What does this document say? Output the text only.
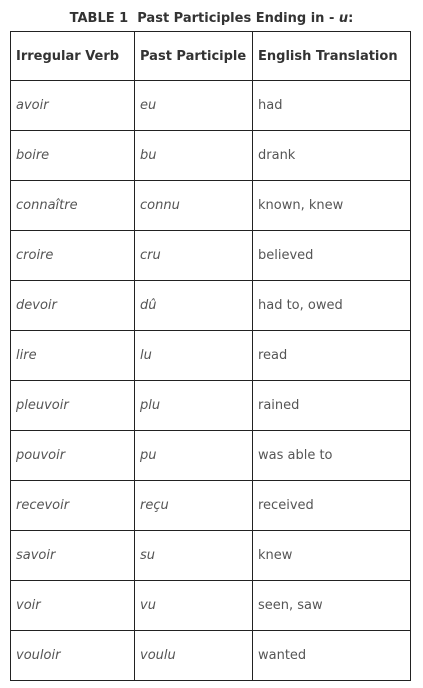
TABLE 1  Past Participles Ending in - u:
Irregular Verb	Past Participle	English Translation
avoir	eu	had
boire	bu	drank
connaître	connu	known, knew
croire	cru	believed
devoir	dû	had to, owed
lire	lu	read
pleuvoir	plu	rained
pouvoir	pu	was able to
recevoir	reçu	received
savoir	su	knew
voir	vu	seen, saw
vouloir	voulu	wanted
